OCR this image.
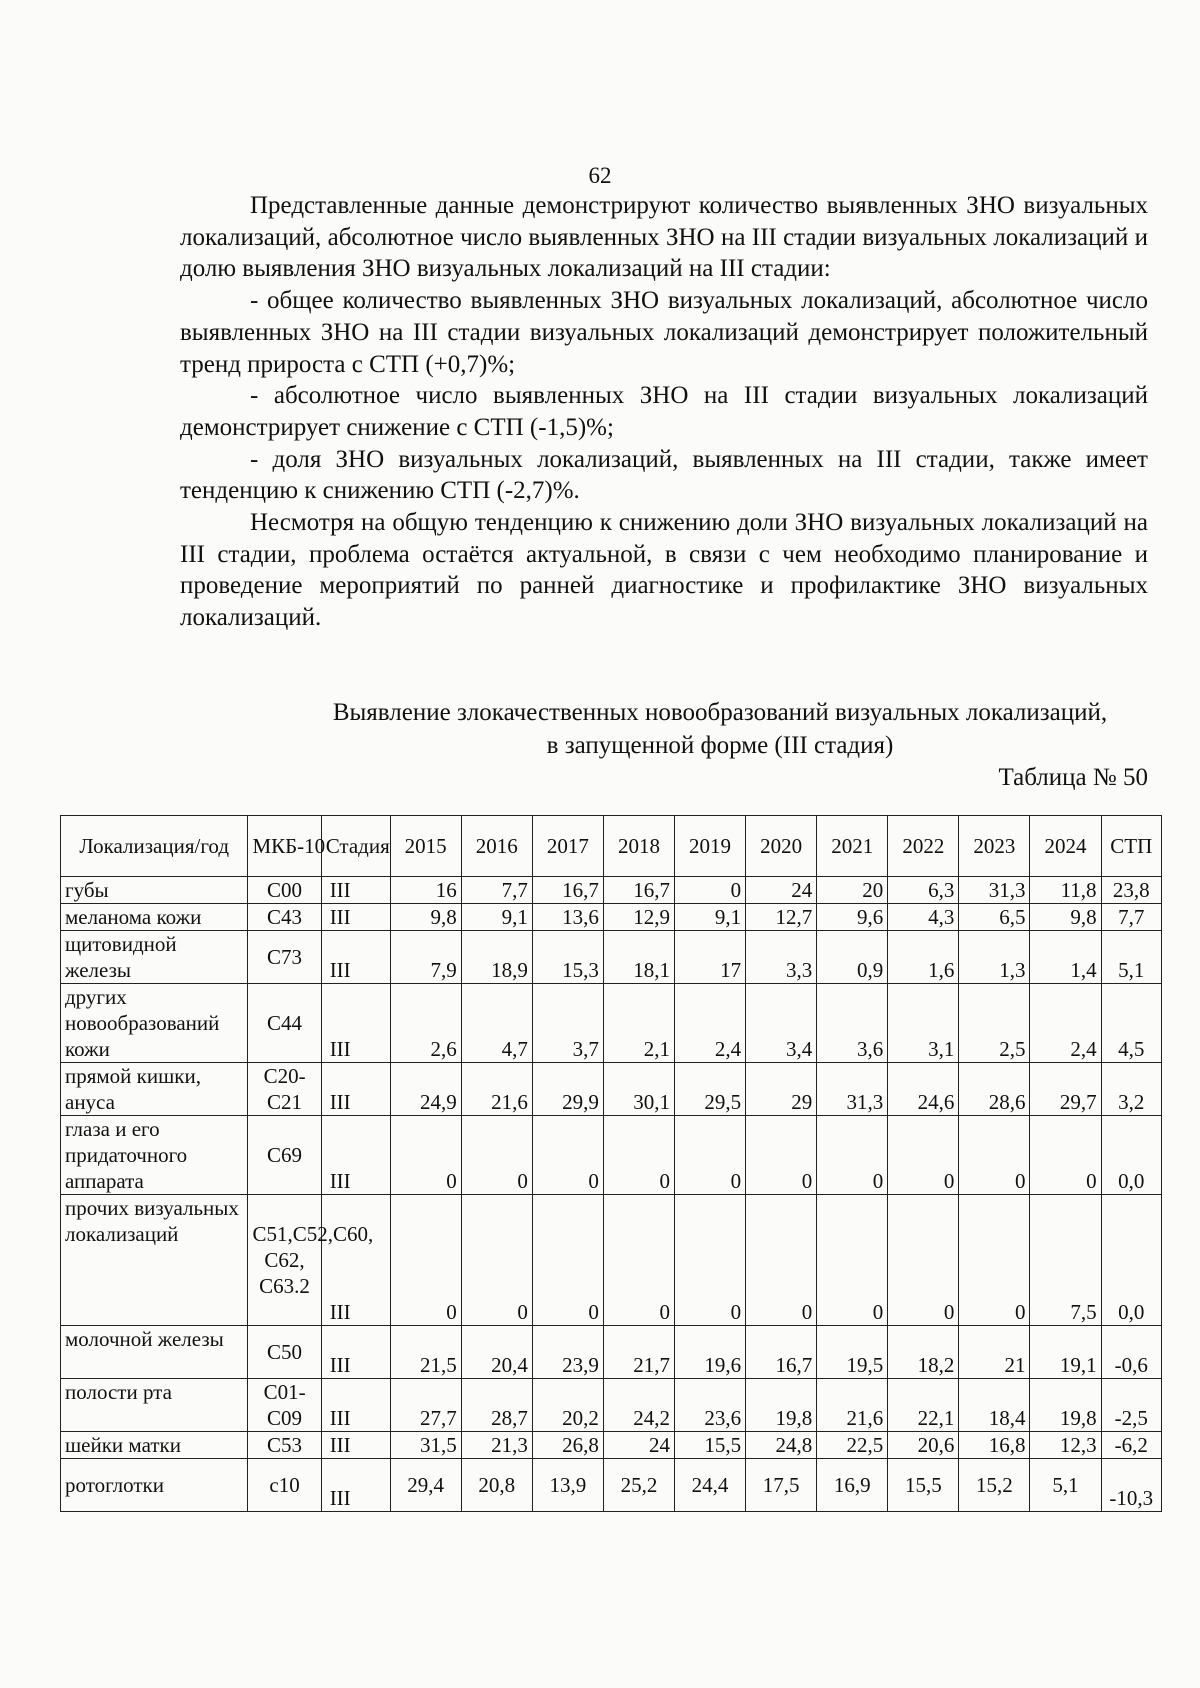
62

Представленные данные демонстрируют количество выявленных ЗНО визуальных локализаций, абсолютное число выявленных ЗНО на III стадии визуальных локализаций и долю выявления ЗНО визуальных локализаций на III стадии:

- общее количество выявленных ЗНО визуальных локализаций, абсолютное число выявленных ЗНО на III стадии визуальных локализаций демонстрирует положительный тренд прироста с СТП (+0,7)%;

- абсолютное число выявленных ЗНО на III стадии визуальных локализаций демонстрирует снижение с СТП (-1,5)%;

- доля ЗНО визуальных локализаций, выявленных на III стадии, также имеет тенденцию к снижению СТП (-2,7)%.

Несмотря на общую тенденцию к снижению доли ЗНО визуальных локализаций на III стадии, проблема остаётся актуальной, в связи с чем необходимо планирование и проведение мероприятий по ранней диагностике и профилактике ЗНО визуальных локализаций.

Выявление злокачественных новообразований визуальных локализаций,
в запущенной форме (III стадия)
Таблица № 50
Локализация/год	МКБ-10	Стадия	2015	2016	2017	2018	2019	2020	2021	2022	2023	2024	СТП
губы	C00	III	16	7,7	16,7	16,7	0	24	20	6,3	31,3	11,8	23,8
меланома кожи	C43	III	9,8	9,1	13,6	12,9	9,1	12,7	9,6	4,3	6,5	9,8	7,7
щитовидной железы	C73	III	7,9	18,9	15,3	18,1	17	3,3	0,9	1,6	1,3	1,4	5,1
других новообразований кожи	C44	III	2,6	4,7	3,7	2,1	2,4	3,4	3,6	3,1	2,5	2,4	4,5
прямой кишки, ануса	C20-C21	III	24,9	21,6	29,9	30,1	29,5	29	31,3	24,6	28,6	29,7	3,2
глаза и его придаточного аппарата	C69	III	0	0	0	0	0	0	0	0	0	0	0,0
прочих визуальных локализаций	C51,C52,C60, C62, C63.2	III	0	0	0	0	0	0	0	0	0	7,5	0,0
молочной железы	C50	III	21,5	20,4	23,9	21,7	19,6	16,7	19,5	18,2	21	19,1	-0,6
полости рта	C01-C09	III	27,7	28,7	20,2	24,2	23,6	19,8	21,6	22,1	18,4	19,8	-2,5
шейки матки	C53	III	31,5	21,3	26,8	24	15,5	24,8	22,5	20,6	16,8	12,3	-6,2
ротоглотки	c10	III	29,4	20,8	13,9	25,2	24,4	17,5	16,9	15,5	15,2	5,1	-10,3
